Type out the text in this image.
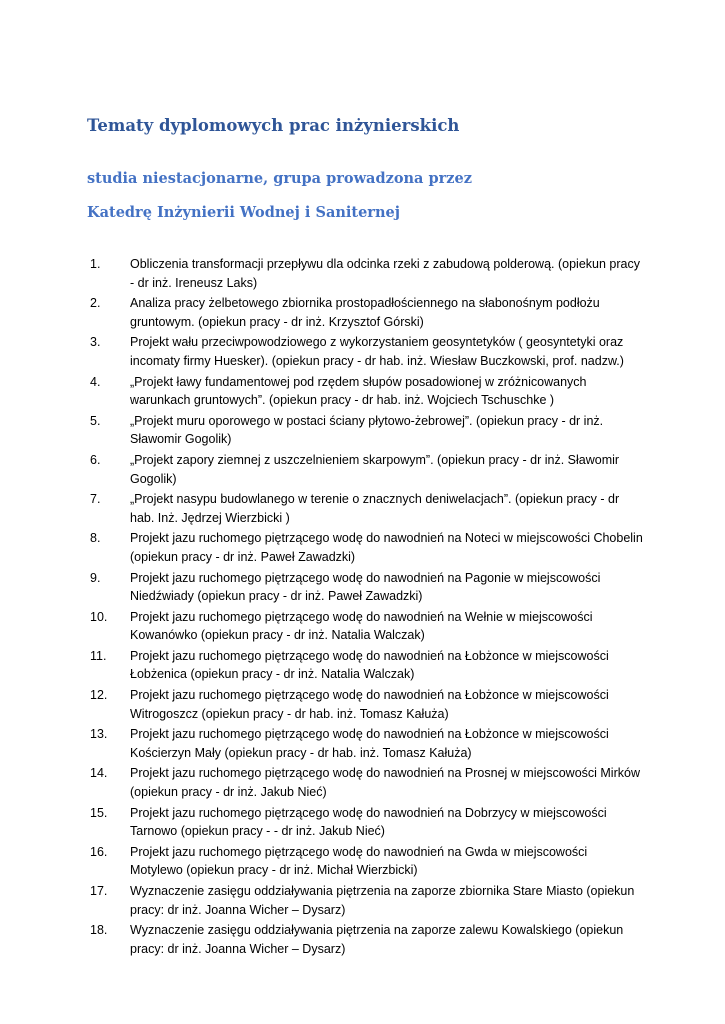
Tematy dyplomowych prac inżynierskich
studia niestacjonarne, grupa prowadzona przez
Katedrę Inżynierii Wodnej i Saniternej
1.	Obliczenia transformacji przepływu dla odcinka rzeki z zabudową polderową. (opiekun pracy - dr inż. Ireneusz Laks)
2.	Analiza pracy żelbetowego zbiornika prostopadłościennego na słabonośnym podłożu gruntowym. (opiekun pracy - dr inż. Krzysztof Górski)
3.	Projekt wału przeciwpowodziowego z wykorzystaniem geosyntetyków ( geosyntetyki oraz incomaty firmy Huesker). (opiekun pracy - dr hab. inż. Wiesław Buczkowski, prof. nadzw.)
4.	„Projekt ławy fundamentowej pod rzędem słupów posadowionej w zróżnicowanych warunkach gruntowych”. (opiekun pracy - dr hab. inż. Wojciech Tschuschke )
5.	„Projekt muru oporowego w postaci ściany płytowo-żebrowej”. (opiekun pracy - dr inż. Sławomir Gogolik)
6.	„Projekt zapory ziemnej z uszczelnieniem skarpowym”. (opiekun pracy - dr inż. Sławomir Gogolik)
7.	„Projekt nasypu budowlanego w terenie o znacznych deniwelacjach”. (opiekun pracy - dr hab. Inż. Jędrzej Wierzbicki )
8.	Projekt jazu ruchomego piętrzącego wodę do nawodnień na Noteci w miejscowości Chobelin (opiekun pracy - dr inż. Paweł Zawadzki)
9.	Projekt jazu ruchomego piętrzącego wodę do nawodnień na Pagonie w miejscowości Niedźwiady (opiekun pracy - dr inż. Paweł Zawadzki)
10.	Projekt jazu ruchomego piętrzącego wodę do nawodnień na Wełnie w miejscowości Kowanówko (opiekun pracy - dr inż. Natalia Walczak)
11.	Projekt jazu ruchomego piętrzącego wodę do nawodnień na Łobżonce w miejscowości Łobżenica (opiekun pracy - dr inż. Natalia Walczak)
12.	Projekt jazu ruchomego piętrzącego wodę do nawodnień na Łobżonce w miejscowości Witrogoszcz (opiekun pracy - dr hab. inż. Tomasz Kałuża)
13.	Projekt jazu ruchomego piętrzącego wodę do nawodnień na Łobżonce w miejscowości Kościerzyn Mały (opiekun pracy - dr hab. inż. Tomasz Kałuża)
14.	Projekt jazu ruchomego piętrzącego wodę do nawodnień na Prosnej w miejscowości Mirków (opiekun pracy - dr inż. Jakub Nieć)
15.	Projekt jazu ruchomego piętrzącego wodę do nawodnień na Dobrzycy w miejscowości Tarnowo (opiekun pracy - - dr inż. Jakub Nieć)
16.	Projekt jazu ruchomego piętrzącego wodę do nawodnień na Gwda w miejscowości Motylewo (opiekun pracy - dr inż. Michał Wierzbicki)
17.	Wyznaczenie zasięgu oddziaływania piętrzenia na zaporze zbiornika Stare Miasto (opiekun pracy: dr inż. Joanna Wicher – Dysarz)
18.	Wyznaczenie zasięgu oddziaływania piętrzenia na zaporze zalewu Kowalskiego (opiekun pracy: dr inż. Joanna Wicher – Dysarz)
